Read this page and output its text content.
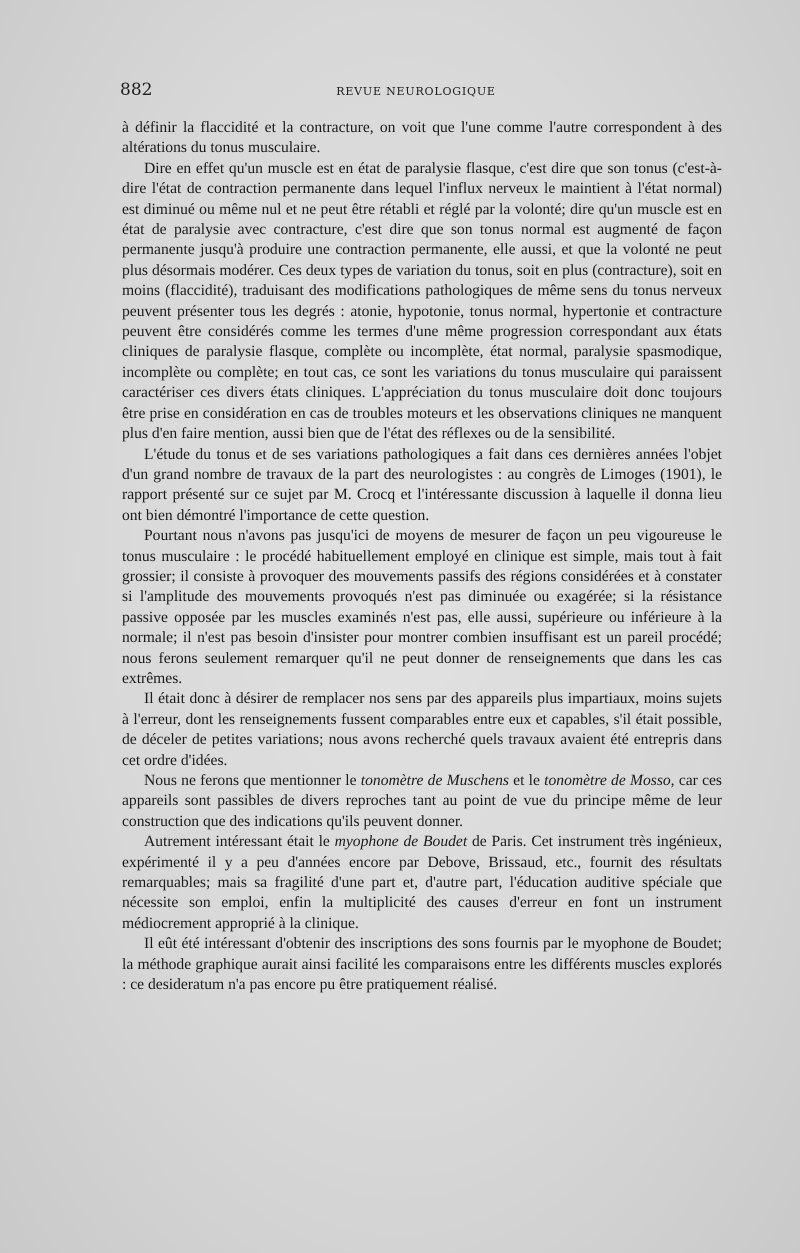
882	REVUE NEUROLOGIQUE

à définir la flaccidité et la contracture, on voit que l'une comme l'autre correspondent à des altérations du tonus musculaire.

Dire en effet qu'un muscle est en état de paralysie flasque, c'est dire que son tonus (c'est-à-dire l'état de contraction permanente dans lequel l'influx nerveux le maintient à l'état normal) est diminué ou même nul et ne peut être rétabli et réglé par la volonté; dire qu'un muscle est en état de paralysie avec contracture, c'est dire que son tonus normal est augmenté de façon permanente jusqu'à produire une contraction permanente, elle aussi, et que la volonté ne peut plus désormais modérer. Ces deux types de variation du tonus, soit en plus (contracture), soit en moins (flaccidité), traduisant des modifications pathologiques de même sens du tonus nerveux peuvent présenter tous les degrés : atonie, hypotonie, tonus normal, hypertonie et contracture peuvent être considérés comme les termes d'une même progression correspondant aux états cliniques de paralysie flasque, complète ou incomplète, état normal, paralysie spasmodique, incomplète ou complète; en tout cas, ce sont les variations du tonus musculaire qui paraissent caractériser ces divers états cliniques. L'appréciation du tonus musculaire doit donc toujours être prise en considération en cas de troubles moteurs et les observations cliniques ne manquent plus d'en faire mention, aussi bien que de l'état des réflexes ou de la sensibilité.

L'étude du tonus et de ses variations pathologiques a fait dans ces dernières années l'objet d'un grand nombre de travaux de la part des neurologistes : au congrès de Limoges (1901), le rapport présenté sur ce sujet par M. Crocq et l'intéressante discussion à laquelle il donna lieu ont bien démontré l'importance de cette question.

Pourtant nous n'avons pas jusqu'ici de moyens de mesurer de façon un peu vigoureuse le tonus musculaire : le procédé habituellement employé en clinique est simple, mais tout à fait grossier; il consiste à provoquer des mouvements passifs des régions considérées et à constater si l'amplitude des mouvements provoqués n'est pas diminuée ou exagérée; si la résistance passive opposée par les muscles examinés n'est pas, elle aussi, supérieure ou inférieure à la normale; il n'est pas besoin d'insister pour montrer combien insuffisant est un pareil procédé; nous ferons seulement remarquer qu'il ne peut donner de renseignements que dans les cas extrêmes.

Il était donc à désirer de remplacer nos sens par des appareils plus impartiaux, moins sujets à l'erreur, dont les renseignements fussent comparables entre eux et capables, s'il était possible, de déceler de petites variations; nous avons recherché quels travaux avaient été entrepris dans cet ordre d'idées.

Nous ne ferons que mentionner le tonomètre de Muschens et le tonomètre de Mosso, car ces appareils sont passibles de divers reproches tant au point de vue du principe même de leur construction que des indications qu'ils peuvent donner.

Autrement intéressant était le myophone de Boudet de Paris. Cet instrument très ingénieux, expérimenté il y a peu d'années encore par Debove, Brissaud, etc., fournit des résultats remarquables; mais sa fragilité d'une part et, d'autre part, l'éducation auditive spéciale que nécessite son emploi, enfin la multiplicité des causes d'erreur en font un instrument médiocrement approprié à la clinique.

Il eût été intéressant d'obtenir des inscriptions des sons fournis par le myophone de Boudet; la méthode graphique aurait ainsi facilité les comparaisons entre les différents muscles explorés : ce desideratum n'a pas encore pu être pratiquement réalisé.
